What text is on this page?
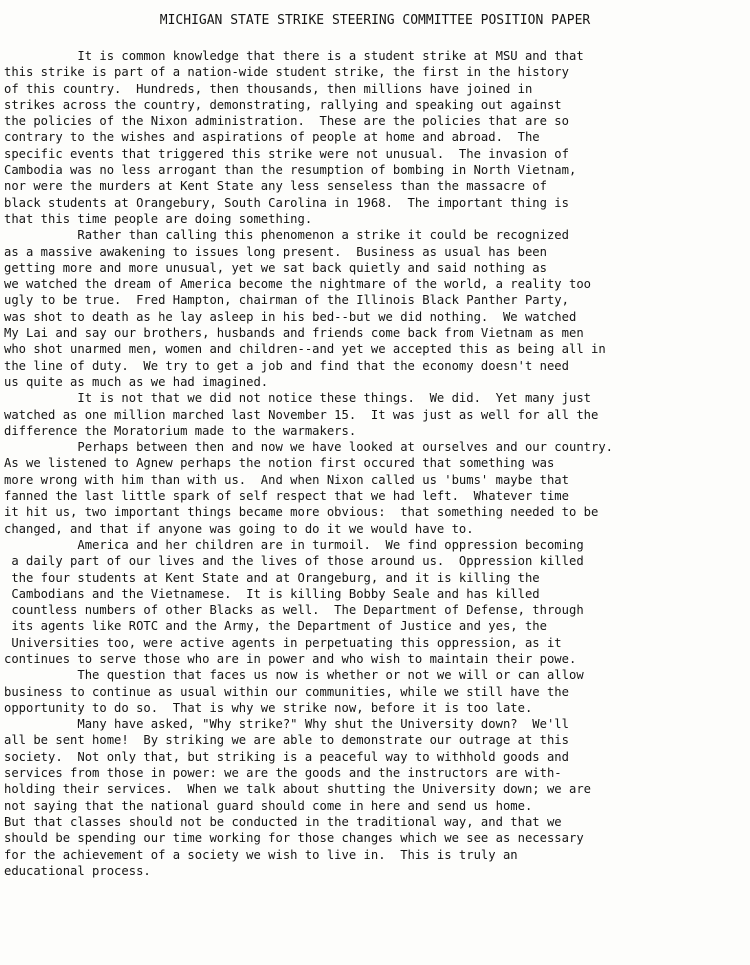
MICHIGAN STATE STRIKE STEERING COMMITTEE POSITION PAPER
It is common knowledge that there is a student strike at MSU and that
this strike is part of a nation-wide student strike, the first in the history
of this country.  Hundreds, then thousands, then millions have joined in
strikes across the country, demonstrating, rallying and speaking out against
the policies of the Nixon administration.  These are the policies that are so
contrary to the wishes and aspirations of people at home and abroad.  The
specific events that triggered this strike were not unusual.  The invasion of
Cambodia was no less arrogant than the resumption of bombing in North Vietnam,
nor were the murders at Kent State any less senseless than the massacre of
black students at Orangebury, South Carolina in 1968.  The important thing is
that this time people are doing something.
Rather than calling this phenomenon a strike it could be recognized
as a massive awakening to issues long present.  Business as usual has been
getting more and more unusual, yet we sat back quietly and said nothing as
we watched the dream of America become the nightmare of the world, a reality too
ugly to be true.  Fred Hampton, chairman of the Illinois Black Panther Party,
was shot to death as he lay asleep in his bed--but we did nothing.  We watched
My Lai and say our brothers, husbands and friends come back from Vietnam as men
who shot unarmed men, women and children--and yet we accepted this as being all in
the line of duty.  We try to get a job and find that the economy doesn't need
us quite as much as we had imagined.
It is not that we did not notice these things.  We did.  Yet many just
watched as one million marched last November 15.  It was just as well for all the
difference the Moratorium made to the warmakers.
Perhaps between then and now we have looked at ourselves and our country.
As we listened to Agnew perhaps the notion first occured that something was
more wrong with him than with us.  And when Nixon called us 'bums' maybe that
fanned the last little spark of self respect that we had left.  Whatever time
it hit us, two important things became more obvious:  that something needed to be
changed, and that if anyone was going to do it we would have to.
America and her children are in turmoil.  We find oppression becoming
a daily part of our lives and the lives of those around us.  Oppression killed
the four students at Kent State and at Orangeburg, and it is killing the
Cambodians and the Vietnamese.  It is killing Bobby Seale and has killed
countless numbers of other Blacks as well.  The Department of Defense, through
its agents like ROTC and the Army, the Department of Justice and yes, the
Universities too, were active agents in perpetuating this oppression, as it
continues to serve those who are in power and who wish to maintain their powe.
The question that faces us now is whether or not we will or can allow
business to continue as usual within our communities, while we still have the
opportunity to do so.  That is why we strike now, before it is too late.
Many have asked, "Why strike?" Why shut the University down?  We'll
all be sent home!  By striking we are able to demonstrate our outrage at this
society.  Not only that, but striking is a peaceful way to withhold goods and
services from those in power: we are the goods and the instructors are with-
holding their services.  When we talk about shutting the University down; we are
not saying that the national guard should come in here and send us home.
But that classes should not be conducted in the traditional way, and that we
should be spending our time working for those changes which we see as necessary
for the achievement of a society we wish to live in.  This is truly an
educational process.
